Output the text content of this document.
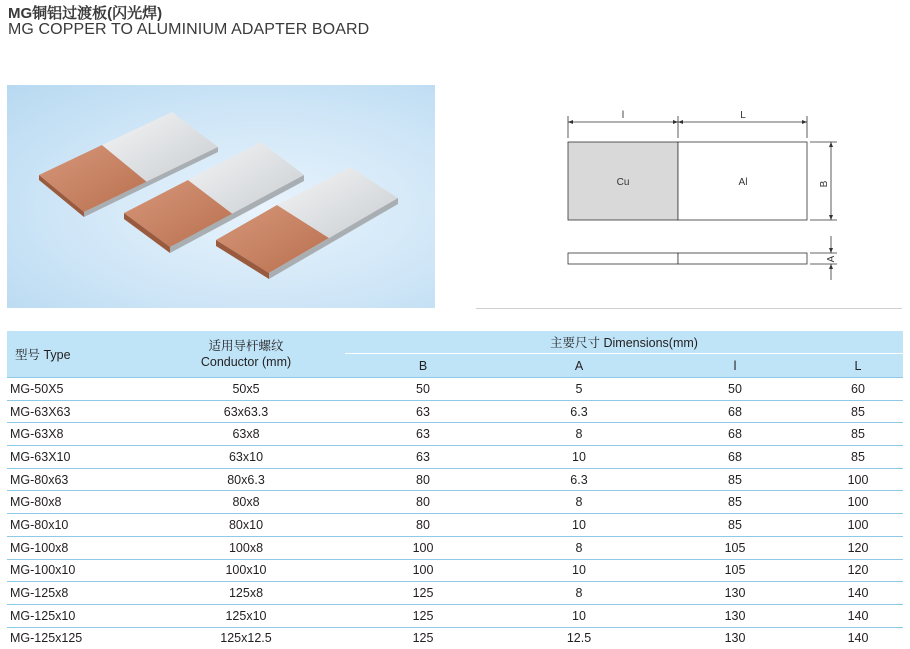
MG铜铝过渡板(闪光焊)
MG COPPER TO ALUMINIUM ADAPTER BOARD
l	L
Cu	Al	B
A
型号 Type	适用导杆螺纹
Conductor (mm)	主要尺寸 Dimensions(mm)			
		B	A	l	L
MG-50X5	50x5	50	5	50	60
MG-63X63	63x63.3	63	6.3	68	85
MG-63X8	63x8	63	8	68	85
MG-63X10	63x10	63	10	68	85
MG-80x63	80x6.3	80	6.3	85	100
MG-80x8	80x8	80	8	85	100
MG-80x10	80x10	80	10	85	100
MG-100x8	100x8	100	8	105	120
MG-100x10	100x10	100	10	105	120
MG-125x8	125x8	125	8	130	140
MG-125x10	125x10	125	10	130	140
MG-125x125	125x12.5	125	12.5	130	140
